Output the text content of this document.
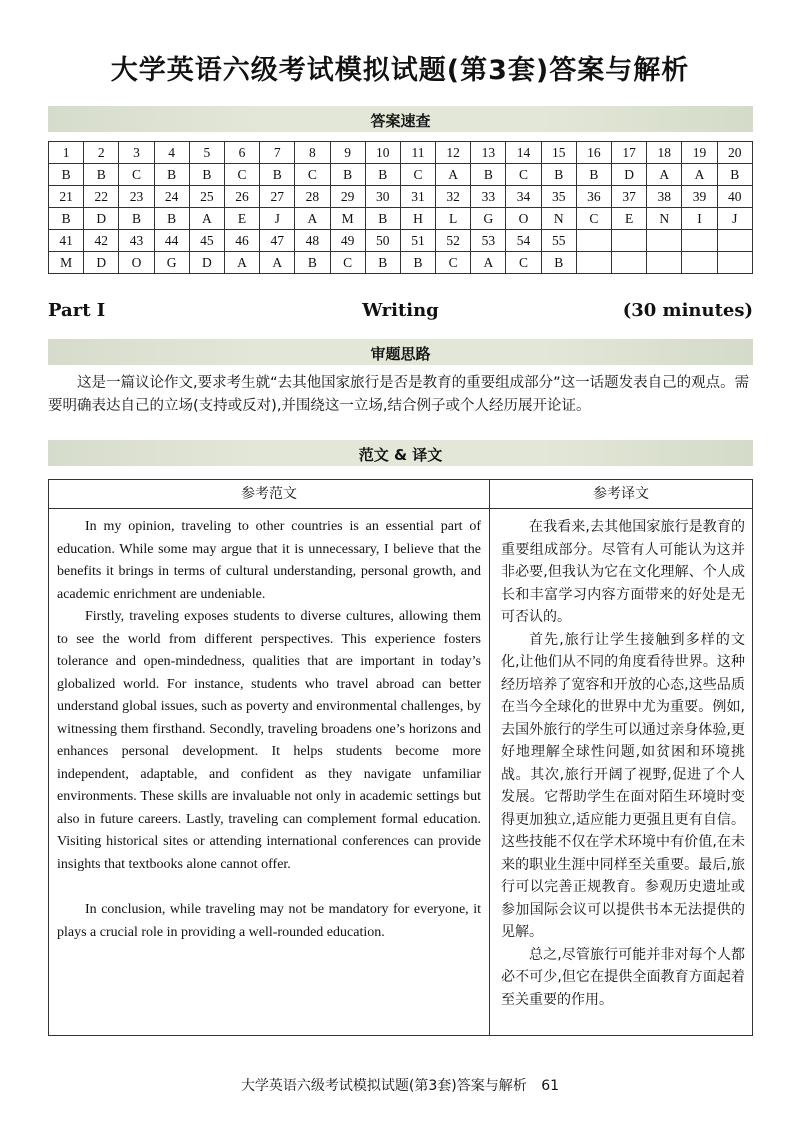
大学英语六级考试模拟试题(第3套)答案与解析
答案速查
1	2	3	4	5	6	7	8	9	10	11	12	13	14	15	16	17	18	19	20
B	B	C	B	B	C	B	C	B	B	C	A	B	C	B	B	D	A	A	B
21	22	23	24	25	26	27	28	29	30	31	32	33	34	35	36	37	38	39	40
B	D	B	B	A	E	J	A	M	B	H	L	G	O	N	C	E	N	I	J
41	42	43	44	45	46	47	48	49	50	51	52	53	54	55					
M	D	O	G	D	A	A	B	C	B	B	C	A	C	B					
Part Ⅰ	Writing	(30 minutes)
审题思路
这是一篇议论作文,要求考生就“去其他国家旅行是否是教育的重要组成部分”这一话题发表自己的观点。需要明确表达自己的立场(支持或反对),并围绕这一立场,结合例子或个人经历展开论证。
范文 & 译文
参考范文	参考译文

In my opinion, traveling to other countries is an essential part of education. While some may argue that it is unnecessary, I believe that the benefits it brings in terms of cultural understanding, personal growth, and academic enrichment are undeniable.

Firstly, traveling exposes students to diverse cultures, allowing them to see the world from different perspectives. This experience fosters tolerance and open-mindedness, qualities that are important in today’s globalized world. For instance, students who travel abroad can better understand global issues, such as poverty and environmental challenges, by witnessing them firsthand. Secondly, traveling broadens one’s horizons and enhances personal development. It helps students become more independent, adaptable, and confident as they navigate unfamiliar environments. These skills are invaluable not only in academic settings but also in future careers. Lastly, traveling can complement formal education. Visiting historical sites or attending international conferences can provide insights that textbooks alone cannot offer.

In conclusion, while traveling may not be mandatory for everyone, it plays a crucial role in providing a well-rounded education.

在我看来,去其他国家旅行是教育的重要组成部分。尽管有人可能认为这并非必要,但我认为它在文化理解、个人成长和丰富学习内容方面带来的好处是无可否认的。

首先,旅行让学生接触到多样的文化,让他们从不同的角度看待世界。这种经历培养了宽容和开放的心态,这些品质在当今全球化的世界中尤为重要。例如,去国外旅行的学生可以通过亲身体验,更好地理解全球性问题,如贫困和环境挑战。其次,旅行开阔了视野,促进了个人发展。它帮助学生在面对陌生环境时变得更加独立,适应能力更强且更有自信。这些技能不仅在学术环境中有价值,在未来的职业生涯中同样至关重要。最后,旅行可以完善正规教育。参观历史遗址或参加国际会议可以提供书本无法提供的见解。

总之,尽管旅行可能并非对每个人都必不可少,但它在提供全面教育方面起着至关重要的作用。

大学英语六级考试模拟试题(第3套)答案与解析 61
